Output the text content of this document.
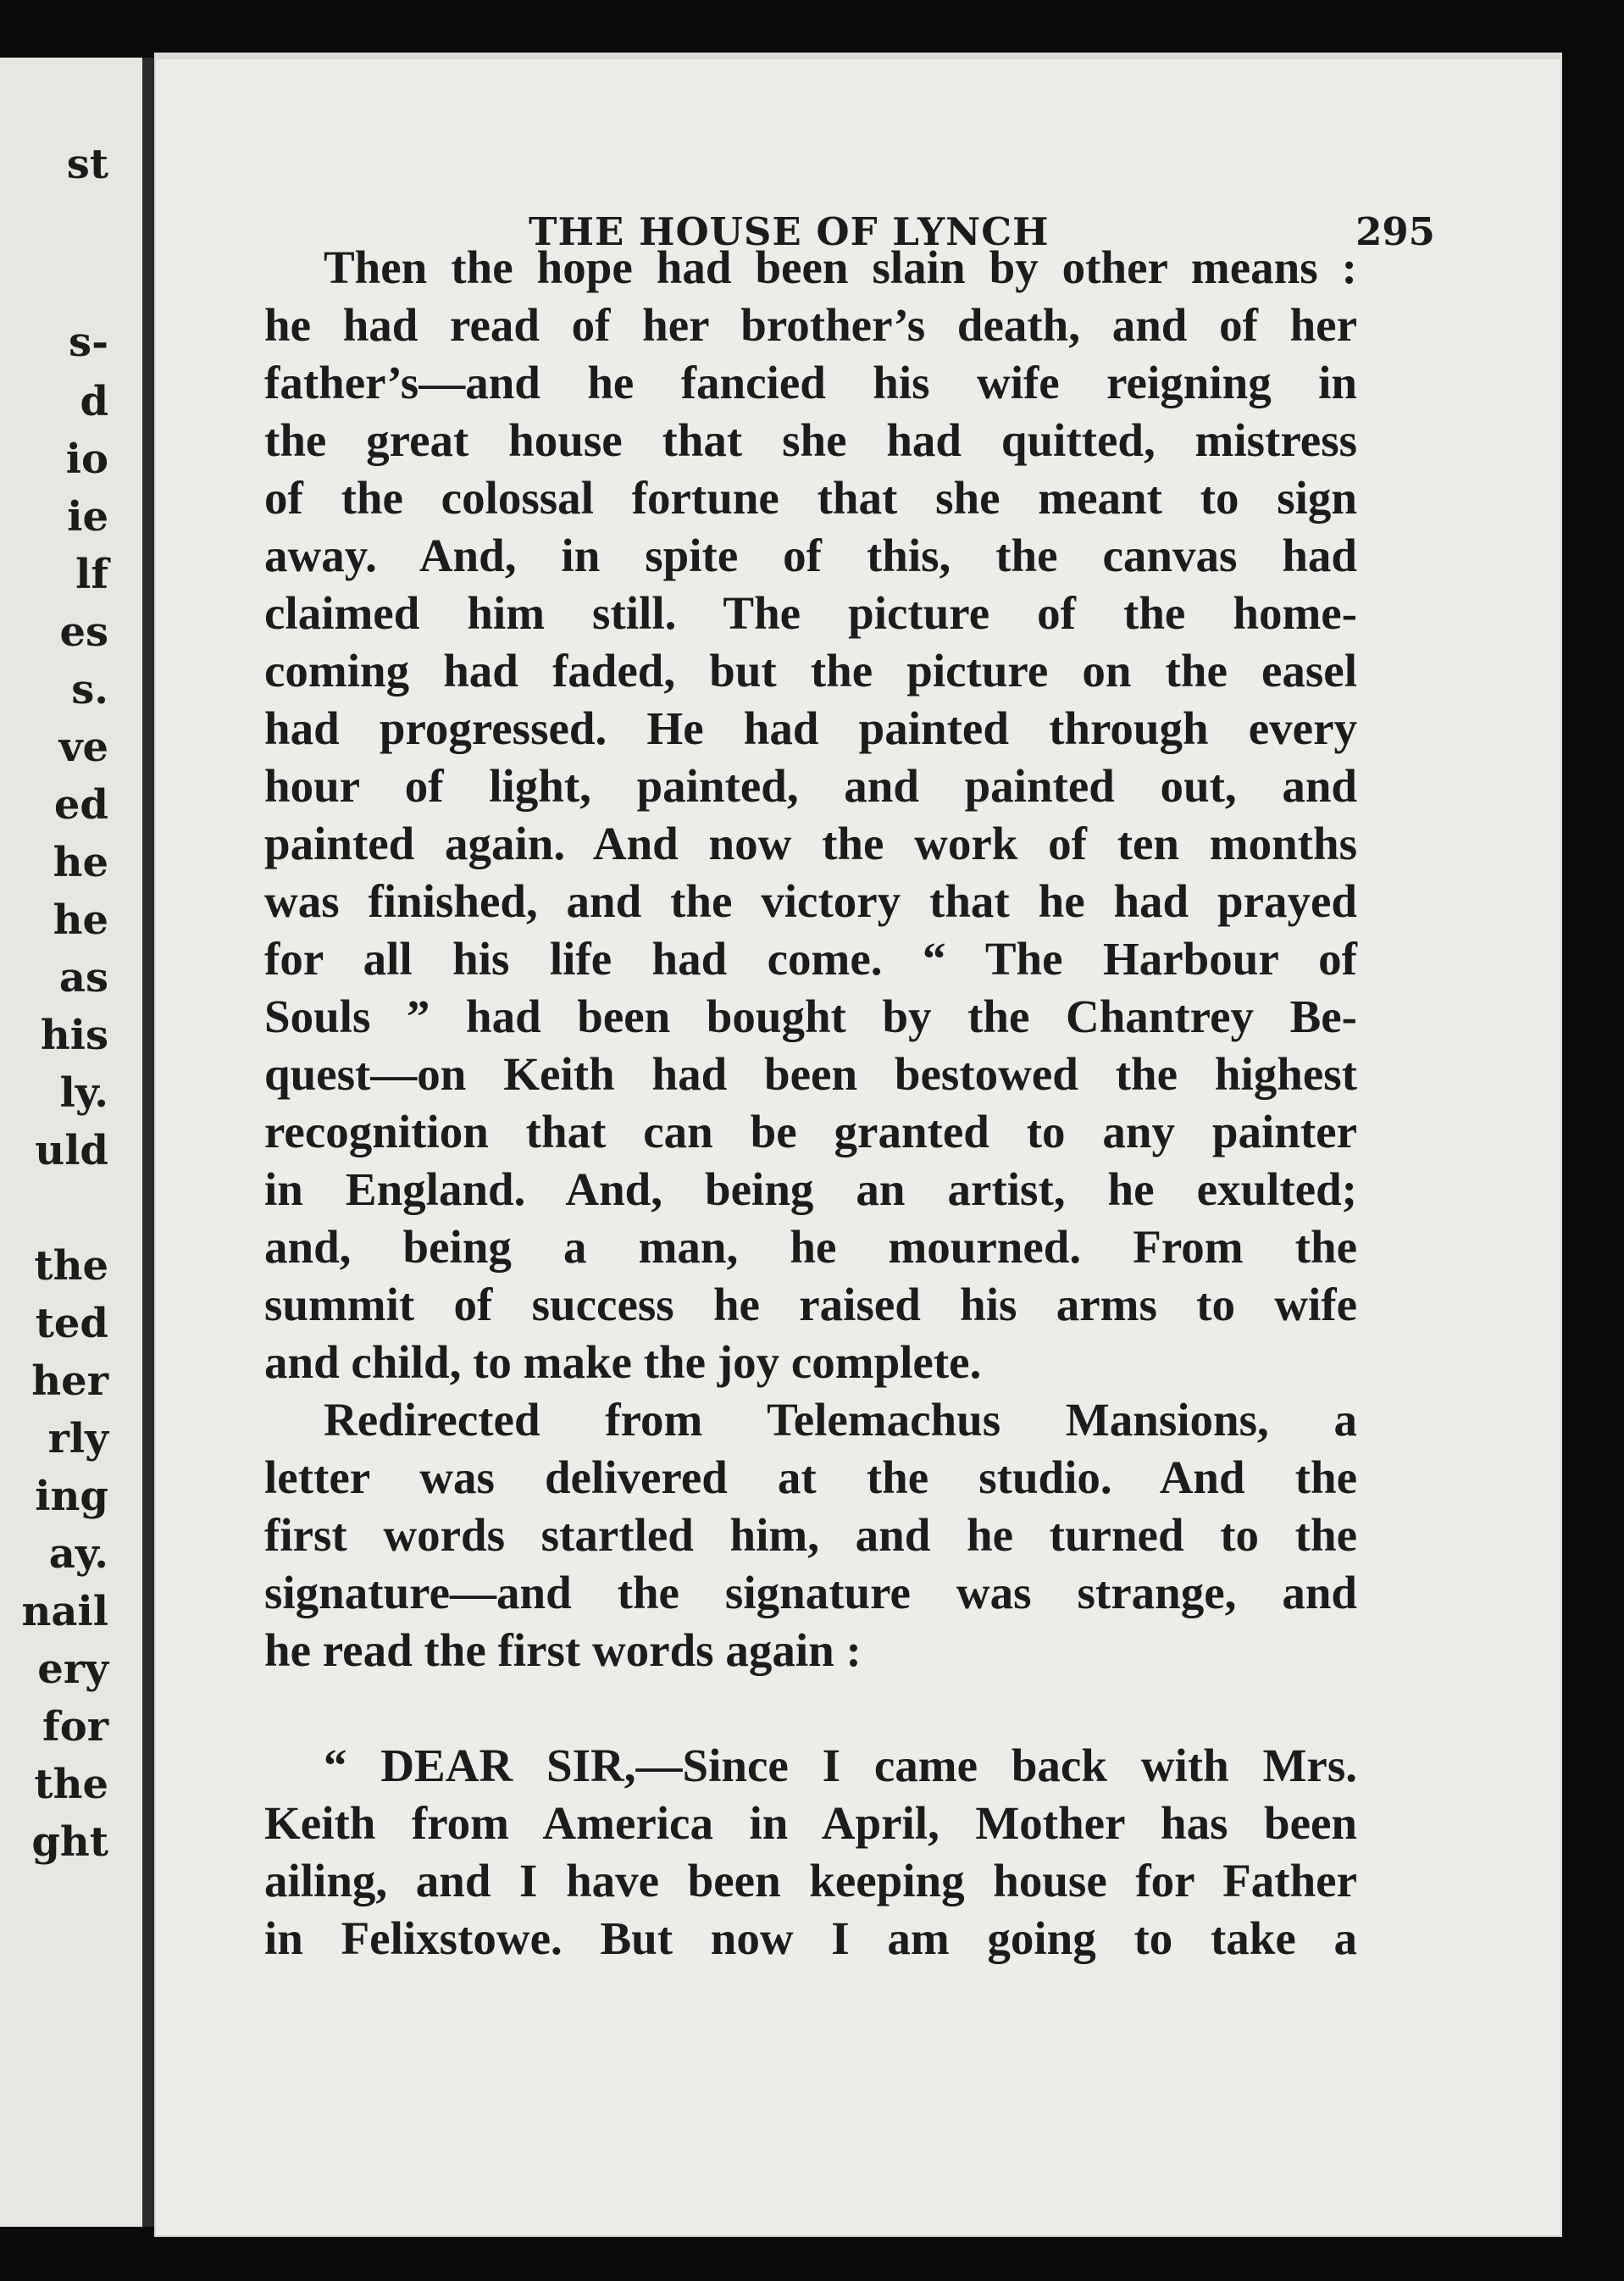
st
s-
d
io
ie
lf
es
s.
ve
ed
he
he
as
his
ly.
uld
the
ted
her
rly
ing
ay.
nail
ery
for
the
ght
THE HOUSE OF LYNCH	295
Then the hope had been slain by other means :
he had read of her brother’s death, and of her
father’s—and he fancied his wife reigning in
the great house that she had quitted, mistress
of the colossal fortune that she meant to sign
away. And, in spite of this, the canvas had
claimed him still. The picture of the home-
coming had faded, but the picture on the easel
had progressed. He had painted through every
hour of light, painted, and painted out, and
painted again. And now the work of ten months
was finished, and the victory that he had prayed
for all his life had come. “ The Harbour of
Souls ” had been bought by the Chantrey Be-
quest—on Keith had been bestowed the highest
recognition that can be granted to any painter
in England. And, being an artist, he exulted;
and, being a man, he mourned. From the
summit of success he raised his arms to wife
and child, to make the joy complete.
Redirected from Telemachus Mansions, a
letter was delivered at the studio. And the
first words startled him, and he turned to the
signature—and the signature was strange, and
he read the first words again :
“ DEAR SIR,—Since I came back with Mrs.
Keith from America in April, Mother has been
ailing, and I have been keeping house for Father
in Felixstowe. But now I am going to take a
